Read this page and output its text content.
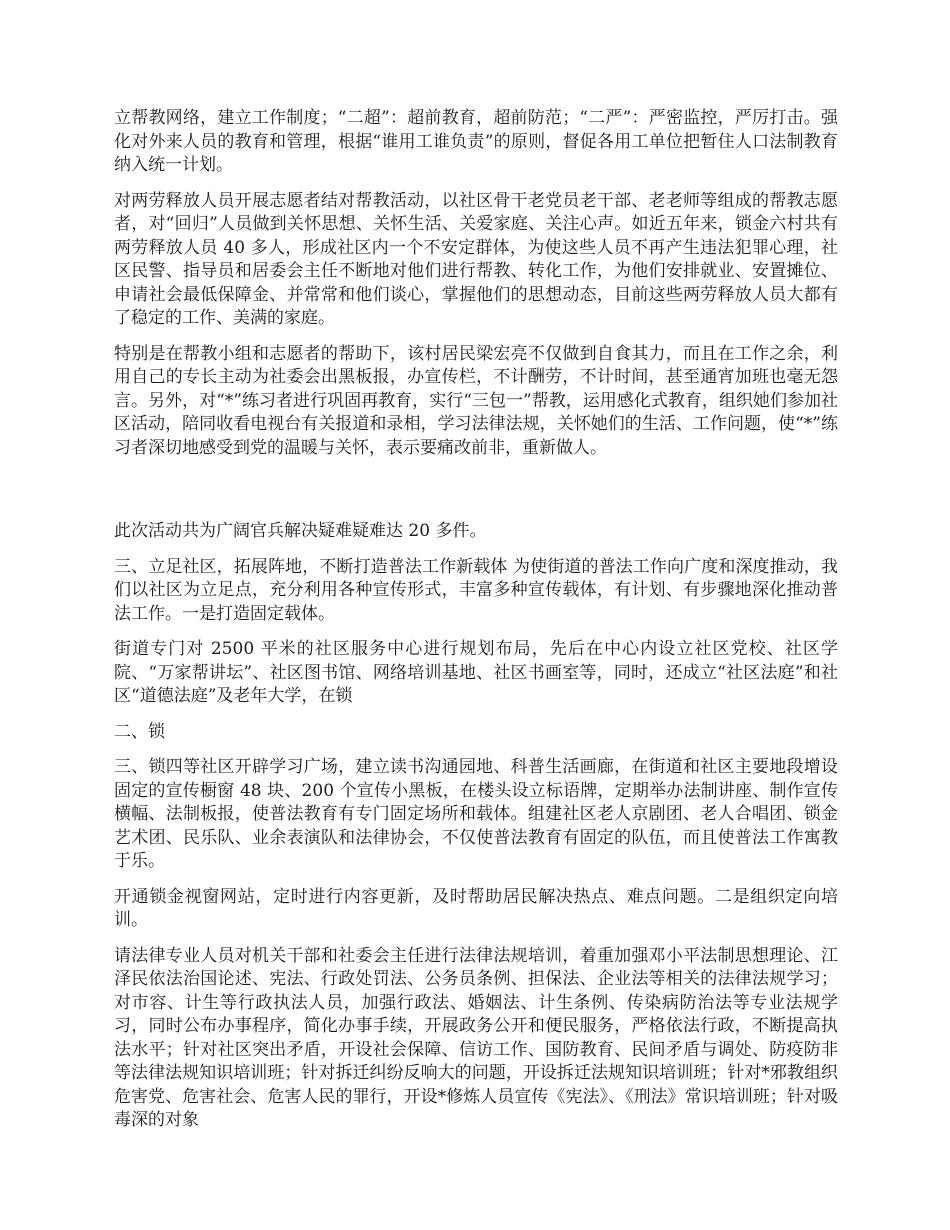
立帮教网络，建立工作制度；“二超”：超前教育，超前防范；“二严”：严密监控，严厉打击。强化对外来人员的教育和管理，根据“谁用工谁负责”的原则，督促各用工单位把暂住人口法制教育纳入统一计划。

对两劳释放人员开展志愿者结对帮教活动，以社区骨干老党员老干部、老老师等组成的帮教志愿者，对“回归”人员做到关怀思想、关怀生活、关爱家庭、关注心声。如近五年来，锁金六村共有两劳释放人员 40 多人，形成社区内一个不安定群体，为使这些人员不再产生违法犯罪心理，社区民警、指导员和居委会主任不断地对他们进行帮教、转化工作，为他们安排就业、安置摊位、申请社会最低保障金、并常常和他们谈心，掌握他们的思想动态，目前这些两劳释放人员大都有了稳定的工作、美满的家庭。

特别是在帮教小组和志愿者的帮助下，该村居民梁宏亮不仅做到自食其力，而且在工作之余，利用自己的专长主动为社委会出黑板报，办宣传栏，不计酬劳，不计时间，甚至通宵加班也毫无怨言。另外，对“*”练习者进行巩固再教育，实行“三包一”帮教，运用感化式教育，组织她们参加社区活动，陪同收看电视台有关报道和录相，学习法律法规，关怀她们的生活、工作问题，使“*”练习者深切地感受到党的温暖与关怀，表示要痛改前非，重新做人。

此次活动共为广阔官兵解决疑难疑难达 20 多件。

三、立足社区，拓展阵地，不断打造普法工作新载体 为使街道的普法工作向广度和深度推动，我们以社区为立足点，充分利用各种宣传形式，丰富多种宣传载体，有计划、有步骤地深化推动普法工作。一是打造固定载体。

街道专门对 2500 平米的社区服务中心进行规划布局，先后在中心内设立社区党校、社区学院、“万家帮讲坛”、社区图书馆、网络培训基地、社区书画室等，同时，还成立“社区法庭”和社区“道德法庭”及老年大学，在锁

二、锁

三、锁四等社区开辟学习广场，建立读书沟通园地、科普生活画廊，在街道和社区主要地段增设固定的宣传橱窗 48 块、200 个宣传小黑板，在楼头设立标语牌，定期举办法制讲座、制作宣传横幅、法制板报，使普法教育有专门固定场所和载体。组建社区老人京剧团、老人合唱团、锁金艺术团、民乐队、业余表演队和法律协会，不仅使普法教育有固定的队伍，而且使普法工作寓教于乐。

开通锁金视窗网站，定时进行内容更新，及时帮助居民解决热点、难点问题。二是组织定向培训。

请法律专业人员对机关干部和社委会主任进行法律法规培训，着重加强邓小平法制思想理论、江泽民依法治国论述、宪法、行政处罚法、公务员条例、担保法、企业法等相关的法律法规学习；对市容、计生等行政执法人员，加强行政法、婚姻法、计生条例、传染病防治法等专业法规学习，同时公布办事程序，简化办事手续，开展政务公开和便民服务，严格依法行政，不断提高执法水平；针对社区突出矛盾，开设社会保障、信访工作、国防教育、民间矛盾与调处、防疫防非等法律法规知识培训班；针对拆迁纠纷反响大的问题，开设拆迁法规知识培训班；针对*邪教组织危害党、危害社会、危害人民的罪行，开设*修炼人员宣传《宪法》、《刑法》常识培训班；针对吸毒深的对象
